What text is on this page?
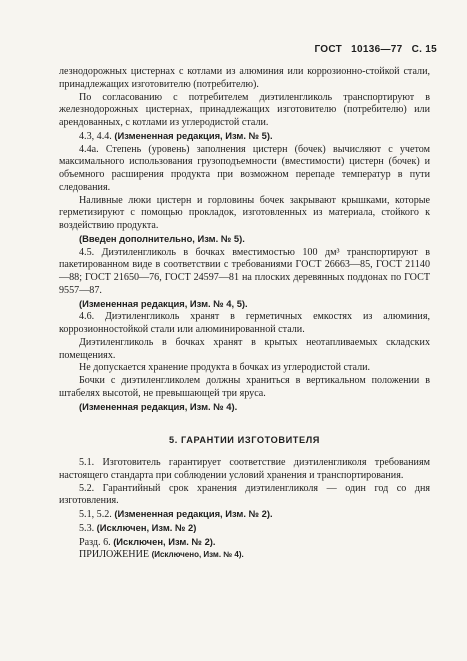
ГОСТ 10136—77 С. 15

лезнодорожных цистернах с котлами из алюминия или коррозионно-стойкой стали, принадлежащих изготовителю (потребителю).

По согласованию с потребителем диэтиленгликоль транспортируют в железнодорожных цистернах, принадлежащих изготовителю (потребителю) или арендованных, с котлами из углеродистой стали.

4.3, 4.4. (Измененная редакция, Изм. № 5).

4.4а. Степень (уровень) заполнения цистерн (бочек) вычисляют с учетом максимального использования грузоподъемности (вместимости) цистерн (бочек) и объемного расширения продукта при возможном перепаде температур в пути следования.

Наливные люки цистерн и горловины бочек закрывают крышками, которые герметизируют с помощью прокладок, изготовленных из материала, стойкого к воздействию продукта.

(Введен дополнительно, Изм. № 5).

4.5. Диэтиленгликоль в бочках вместимостью 100 дм³ транспортируют в пакетированном виде в соответствии с требованиями ГОСТ 26663—85, ГОСТ 21140—88; ГОСТ 21650—76, ГОСТ 24597—81 на плоских деревянных поддонах по ГОСТ 9557—87.

(Измененная редакция, Изм. № 4, 5).

4.6. Диэтиленгликоль хранят в герметичных емкостях из алюминия, коррозионностойкой стали или алюминированной стали.

Диэтиленгликоль в бочках хранят в крытых неотапливаемых складских помещениях.

Не допускается хранение продукта в бочках из углеродистой стали.

Бочки с диэтиленгликолем должны храниться в вертикальном положении в штабелях высотой, не превышающей три яруса.

(Измененная редакция, Изм. № 4).

5. ГАРАНТИИ ИЗГОТОВИТЕЛЯ

5.1. Изготовитель гарантирует соответствие диэтиленгликоля требованиям настоящего стандарта при соблюдении условий хранения и транспортирования.

5.2. Гарантийный срок хранения диэтиленгликоля — один год со дня изготовления.

5.1, 5.2. (Измененная редакция, Изм. № 2).

5.3. (Исключен, Изм. № 2)

Разд. 6. (Исключен, Изм. № 2).

ПРИЛОЖЕНИЕ (Исключено, Изм. № 4).
